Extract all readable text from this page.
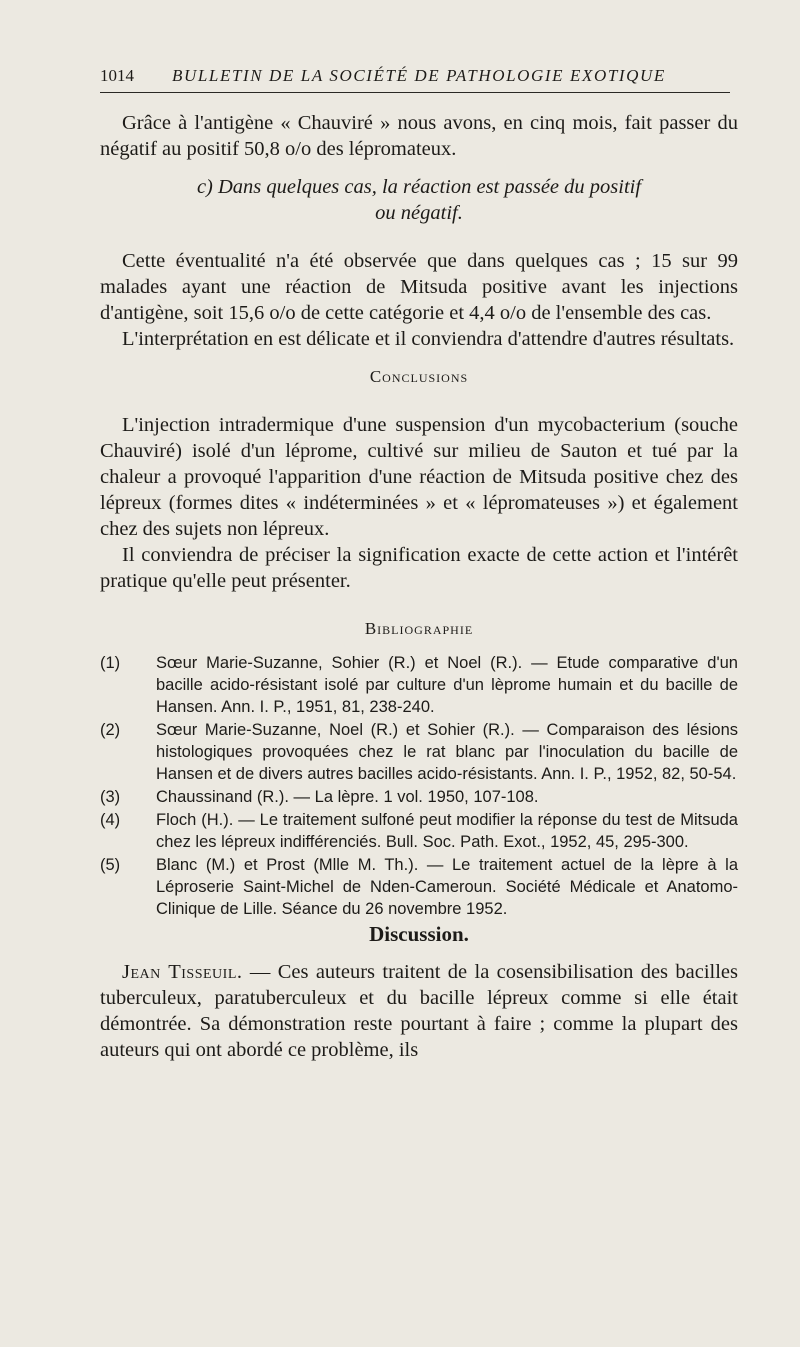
1014 BULLETIN DE LA SOCIÉTÉ DE PATHOLOGIE EXOTIQUE

Grâce à l'antigène « Chauviré » nous avons, en cinq mois, fait passer du négatif au positif 50,8 o/o des lépromateux.

c) Dans quelques cas, la réaction est passée du positif ou négatif.

Cette éventualité n'a été observée que dans quelques cas ; 15 sur 99 malades ayant une réaction de Mitsuda positive avant les injections d'antigène, soit 15,6 o/o de cette catégorie et 4,4 o/o de l'ensemble des cas.

L'interprétation en est délicate et il conviendra d'attendre d'autres résultats.

Conclusions

L'injection intradermique d'une suspension d'un mycobacterium (souche Chauviré) isolé d'un léprome, cultivé sur milieu de Sauton et tué par la chaleur a provoqué l'apparition d'une réaction de Mitsuda positive chez des lépreux (formes dites « indéterminées » et « lépromateuses ») et également chez des sujets non lépreux.

Il conviendra de préciser la signification exacte de cette action et l'intérêt pratique qu'elle peut présenter.

Bibliographie

(1) Sœur Marie-Suzanne, Sohier (R.) et Noel (R.). — Etude comparative d'un bacille acido-résistant isolé par culture d'un lèprome humain et du bacille de Hansen. Ann. I. P., 1951, 81, 238-240.
(2) Sœur Marie-Suzanne, Noel (R.) et Sohier (R.). — Comparaison des lésions histologiques provoquées chez le rat blanc par l'inoculation du bacille de Hansen et de divers autres bacilles acido-résistants. Ann. I. P., 1952, 82, 50-54.
(3) Chaussinand (R.). — La lèpre. 1 vol. 1950, 107-108.
(4) Floch (H.). — Le traitement sulfoné peut modifier la réponse du test de Mitsuda chez les lépreux indifférenciés. Bull. Soc. Path. Exot., 1952, 45, 295-300.
(5) Blanc (M.) et Prost (Mlle M. Th.). — Le traitement actuel de la lèpre à la Léproserie Saint-Michel de Nden-Cameroun. Société Médicale et Anatomo-Clinique de Lille. Séance du 26 novembre 1952.

Discussion.

Jean Tisseuil. — Ces auteurs traitent de la cosensibilisation des bacilles tuberculeux, paratuberculeux et du bacille lépreux comme si elle était démontrée. Sa démonstration reste pourtant à faire ; comme la plupart des auteurs qui ont abordé ce problème, ils
